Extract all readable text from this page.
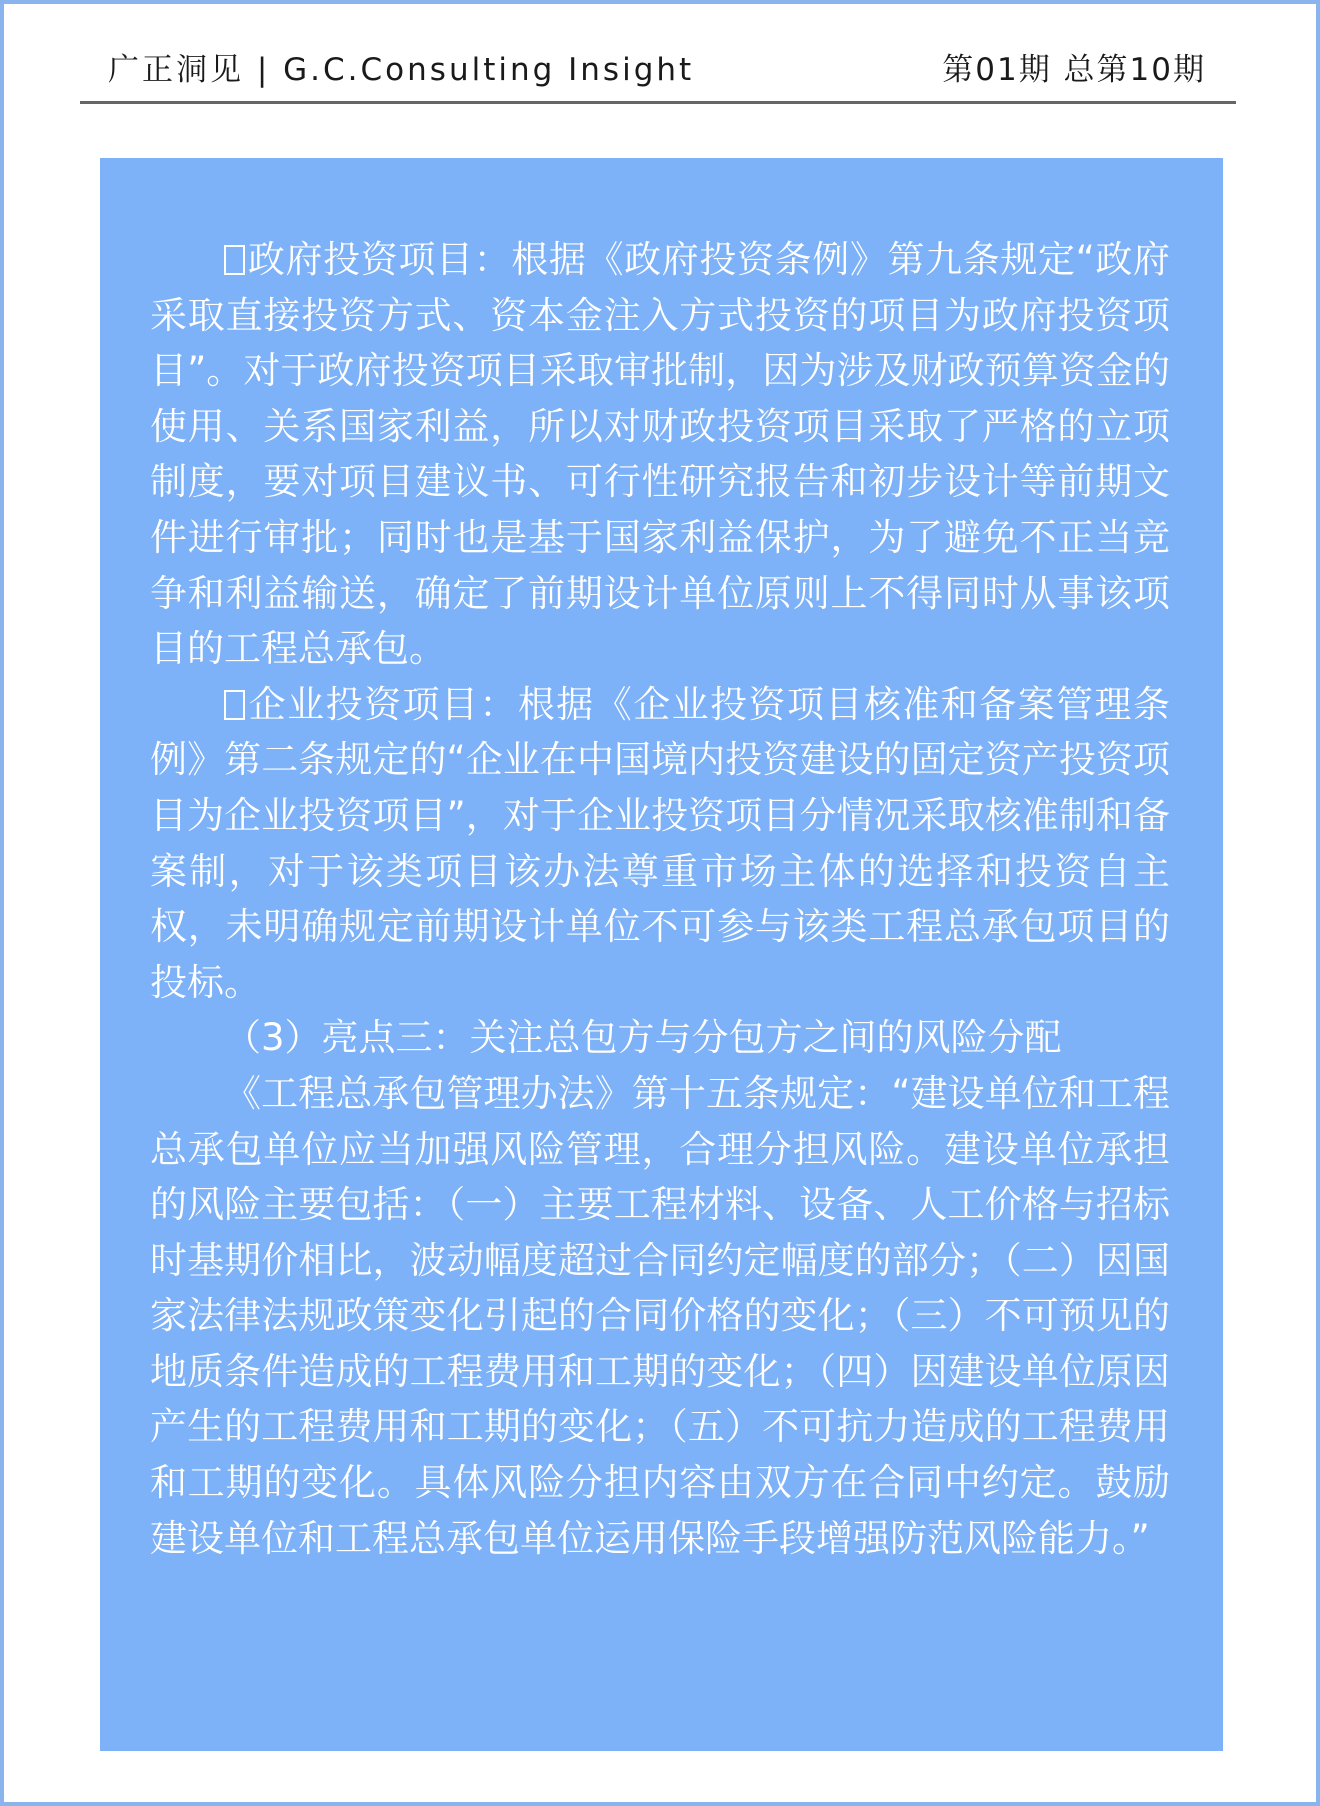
广正洞见 | G.C.Consulting Insight	第01期 总第10期

政府投资项目：根据《政府投资条例》第九条规定“政府采取直接投资方式、资本金注入方式投资的项目为政府投资项目”。对于政府投资项目采取审批制，因为涉及财政预算资金的使用、关系国家利益，所以对财政投资项目采取了严格的立项制度，要对项目建议书、可行性研究报告和初步设计等前期文件进行审批；同时也是基于国家利益保护，为了避免不正当竞争和利益输送，确定了前期设计单位原则上不得同时从事该项目的工程总承包。

企业投资项目：根据《企业投资项目核准和备案管理条例》第二条规定的“企业在中国境内投资建设的固定资产投资项目为企业投资项目”，对于企业投资项目分情况采取核准制和备案制，对于该类项目该办法尊重市场主体的选择和投资自主权，未明确规定前期设计单位不可参与该类工程总承包项目的投标。

（3）亮点三：关注总包方与分包方之间的风险分配

《工程总承包管理办法》第十五条规定：“建设单位和工程总承包单位应当加强风险管理，合理分担风险。建设单位承担的风险主要包括：（一）主要工程材料、设备、人工价格与招标时基期价相比，波动幅度超过合同约定幅度的部分；（二）因国家法律法规政策变化引起的合同价格的变化；（三）不可预见的地质条件造成的工程费用和工期的变化；（四）因建设单位原因产生的工程费用和工期的变化；（五）不可抗力造成的工程费用和工期的变化。具体风险分担内容由双方在合同中约定。鼓励建设单位和工程总承包单位运用保险手段增强防范风险能力。”
